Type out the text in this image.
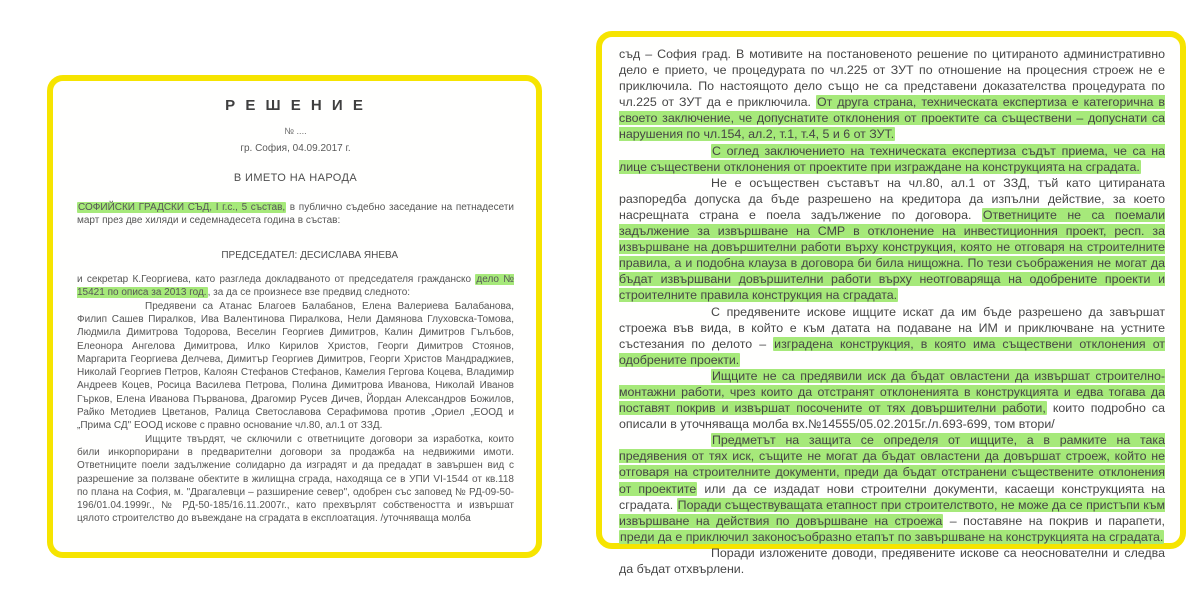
Р Е Ш Е Н И Е
№ ....
гр. София, 04.09.2017 г.
В ИМЕТО НА НАРОДА

СОФИЙСКИ ГРАДСКИ СЪД, I г.с., 5 състав, в публично съдебно заседание на петнадесети март през две хиляди и седемнадесета година в състав:

ПРЕДСЕДАТЕЛ: ДЕСИСЛАВА ЯНЕВА

и секретар К.Георгиева, като разгледа докладваното от председателя гражданско дело № 15421 по описа за 2013 год., за да се произнесе взе предвид следното:

Предявени са Атанас Благоев Балабанов, Елена Валериева Балабанова, Филип Сашев Пиралков, Ива Валентинова Пиралкова, Нели Дамянова Глуховска-Томова, Людмила Димитрова Тодорова, Веселин Георгиев Димитров, Калин Димитров Гълъбов, Елеонора Ангелова Димитрова, Илко Кирилов Христов, Георги Димитров Стоянов, Маргарита Георгиева Делчева, Димитър Георгиев Димитров, Георги Христов Мандраджиев, Николай Георгиев Петров, Калоян Стефанов Стефанов, Камелия Гергова Коцева, Владимир Андреев Коцев, Росица Василева Петрова, Полина Димитрова Иванова, Николай Иванов Гърков, Елена Иванова Първанова, Драгомир Русев Дичев, Йордан Александров Божилов, Райко Методиев Цветанов, Ралица Светославова Серафимова против „Ориел „ЕООД и „Прима СД" ЕООД искове с правно основание чл.80, ал.1 от ЗЗД.

Ищците твърдят, че сключили с ответниците договори за изработка, които били инкорпорирани в предварителни договори за продажба на недвижими имоти. Ответниците поели задължение солидарно да изградят и да предадат в завършен вид с разрешение за ползване обектите в жилищна сграда, находяща се в УПИ VI-1544 от кв.118 по плана на София, м. "Драгалевци – разширение север", одобрен със заповед № РД-09-50-196/01.04.1999г., № РД-50-185/16.11.2007г., като прехвърлят собствеността и извършат цялото строителство до въвеждане на сградата в експлоатация. /уточняваща молба

съд – София град. В мотивите на постановеното решение по цитираното административно дело е прието, че процедурата по чл.225 от ЗУТ по отношение на процесния строеж не е приключила. По настоящото дело също не са представени доказателства процедурата по чл.225 от ЗУТ да е приключила. От друга страна, техническата експертиза е категорична в своето заключение, че допуснатите отклонения от проектите са съществени – допуснати са нарушения по чл.154, ал.2, т.1, т.4, 5 и 6 от ЗУТ.

С оглед заключението на техническата експертиза съдът приема, че са на лице съществени отклонения от проектите при изграждане на конструкцията на сградата.

Не е осъществен съставът на чл.80, ал.1 от ЗЗД, тъй като цитираната разпоредба допуска да бъде разрешено на кредитора да изпълни действие, за което насрещната страна е поела задължение по договора. Ответниците не са поемали задължение за извършване на СМР в отклонение на инвестиционния проект, респ. за извършване на довършителни работи върху конструкция, която не отговаря на строителните правила, а и подобна клауза в договора би била нищожна. По тези съображения не могат да бъдат извършвани довършителни работи върху неотговаряща на одобрените проекти и строителните правила конструкция на сградата.

С предявените искове ищците искат да им бъде разрешено да завършат строежа във вида, в който е към датата на подаване на ИМ и приключване на устните състезания по делото – изградена конструкция, в която има съществени отклонения от одобрените проекти.

Ищците не са предявили иск да бъдат овластени да извършат строително-монтажни работи, чрез които да отстранят отклоненията в конструкцията и едва тогава да поставят покрив и извършат посочените от тях довършителни работи, които подробно са описали в уточняваща молба вх.№14555/05.02.2015г./л.693-699, том втори/

Предметът на защита се определя от ищците, а в рамките на така предявения от тях иск, същите не могат да бъдат овластени да довършат строеж, който не отговаря на строителните документи, преди да бъдат отстранени съществените отклонения от проектите или да се издадат нови строителни документи, касаещи конструкцията на сградата. Поради съществуващата етапност при строителството, не може да се пристъпи към извършване на действия по довършване на строежа – поставяне на покрив и парапети, преди да е приключил законосъобразно етапът по завършване на конструкцията на сградата.

Поради изложените доводи, предявените искове са неоснователни и следва да бъдат отхвърлени.
